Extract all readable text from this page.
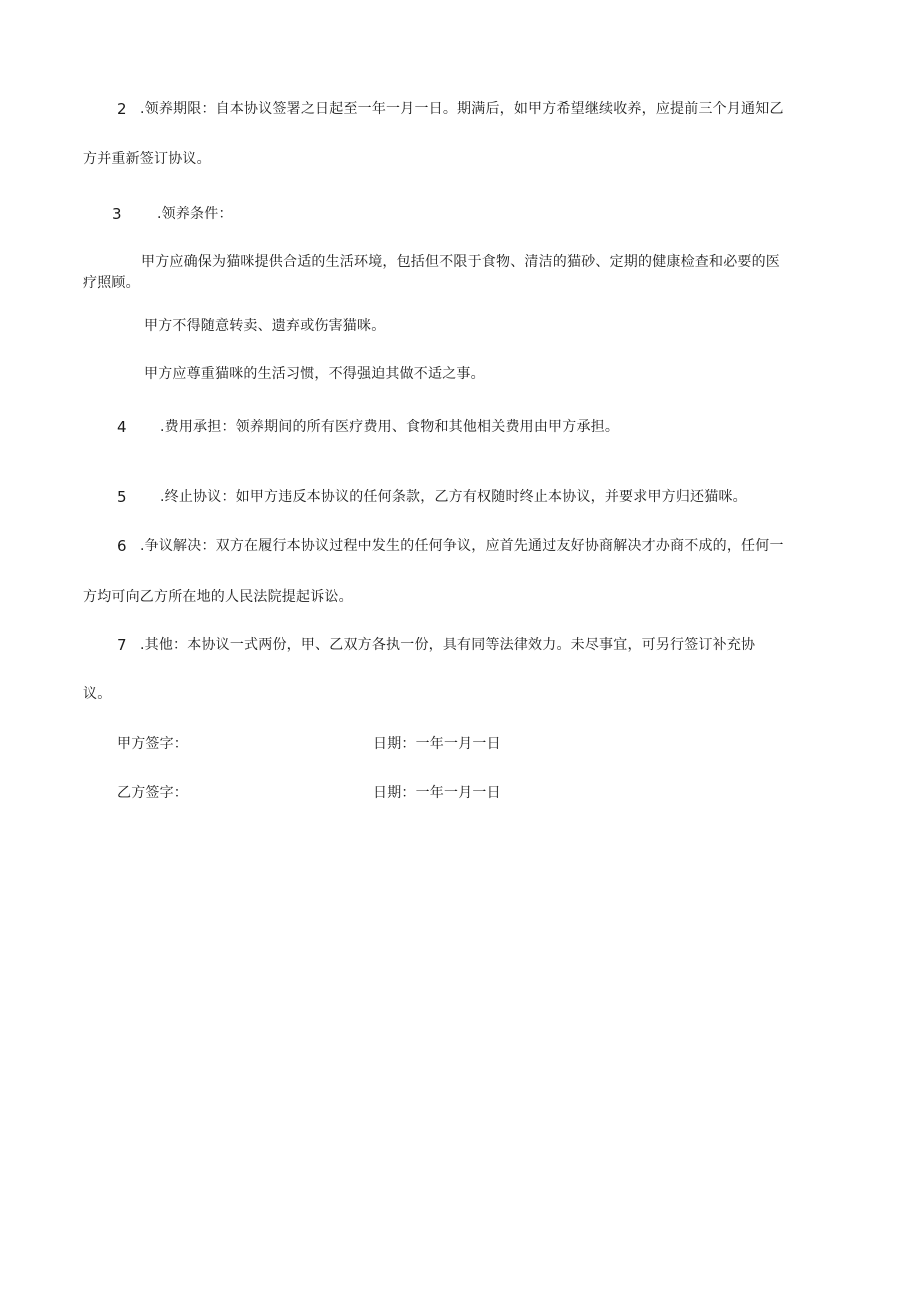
2 .领养期限：自本协议签署之日起至一年一月一日。期满后，如甲方希望继续收养，应提前三个月通知乙
方并重新签订协议。
3	.领养条件：
甲方应确保为猫咪提供合适的生活环境，包括但不限于食物、清洁的猫砂、定期的健康检查和必要的医
疗照顾。
甲方不得随意转卖、遗弃或伤害猫咪。
甲方应尊重猫咪的生活习惯，不得强迫其做不适之事。
4 .费用承担：领养期间的所有医疗费用、食物和其他相关费用由甲方承担。
5 .终止协议：如甲方违反本协议的任何条款，乙方有权随时终止本协议，并要求甲方归还猫咪。
6 .争议解决：双方在履行本协议过程中发生的任何争议，应首先通过友好协商解决才办商不成的，任何一
方均可向乙方所在地的人民法院提起诉讼。
7 .其他：本协议一式两份，甲、乙双方各执一份，具有同等法律效力。未尽事宜，可另行签订补充协
议。
甲方签字：	日期：一年一月一日
乙方签字：	日期：一年一月一日
